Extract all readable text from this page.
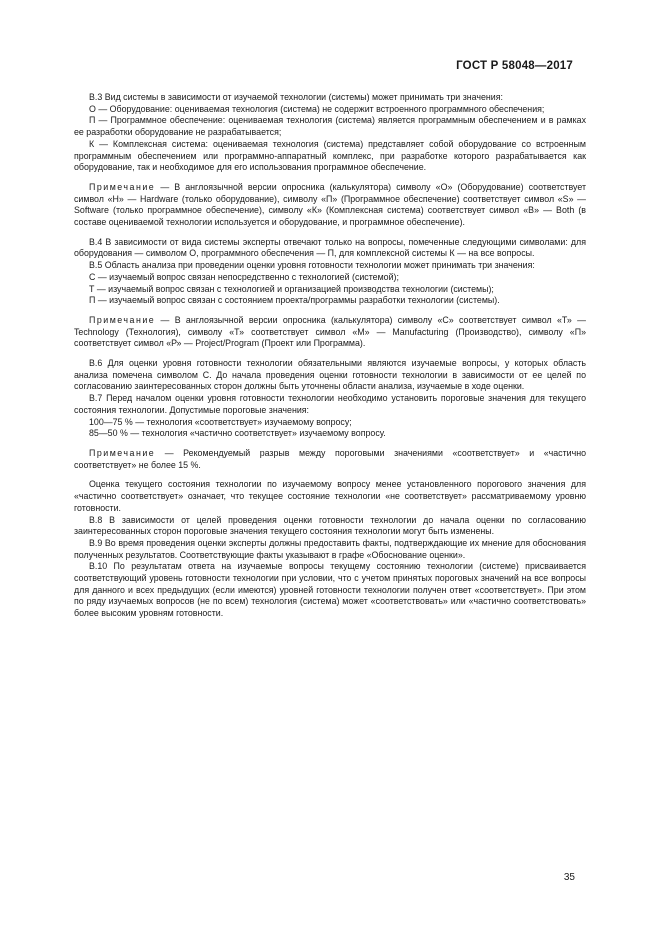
ГОСТ Р 58048—2017

В.3 Вид системы в зависимости от изучаемой технологии (системы) может принимать три значения:

О — Оборудование: оцениваемая технология (система) не содержит встроенного программного обеспечения;

П — Программное обеспечение: оцениваемая технология (система) является программным обеспечением и в рамках ее разработки оборудование не разрабатывается;

К — Комплексная система: оцениваемая технология (система) представляет собой оборудование со встроенным программным обеспечением или программно-аппаратный комплекс, при разработке которого разрабатывается как оборудование, так и необходимое для его использования программное обеспечение.

Примечание — В англоязычной версии опросника (калькулятора) символу «О» (Оборудование) соответствует символ «H» — Hardware (только оборудование), символу «П» (Программное обеспечение) соответствует символ «S» — Software (только программное обеспечение), символу «К» (Комплексная система) соответствует символ «B» — Both (в составе оцениваемой технологии используется и оборудование, и программное обеспечение).

В.4 В зависимости от вида системы эксперты отвечают только на вопросы, помеченные следующими символами: для оборудования — символом О, программного обеспечения — П, для комплексной системы К — на все вопросы.

В.5 Область анализа при проведении оценки уровня готовности технологии может принимать три значения:

С — изучаемый вопрос связан непосредственно с технологией (системой);

Т — изучаемый вопрос связан с технологией и организацией производства технологии (системы);

П — изучаемый вопрос связан с состоянием проекта/программы разработки технологии (системы).

Примечание — В англоязычной версии опросника (калькулятора) символу «С» соответствует символ «Т» — Technology (Технология), символу «Т» соответствует символ «М» — Manufacturing (Производство), символу «П» соответствует символ «Р» — Project/Program (Проект или Программа).

В.6 Для оценки уровня готовности технологии обязательными являются изучаемые вопросы, у которых область анализа помечена символом С. До начала проведения оценки готовности технологии в зависимости от ее целей по согласованию заинтересованных сторон должны быть уточнены области анализа, изучаемые в ходе оценки.

В.7 Перед началом оценки уровня готовности технологии необходимо установить пороговые значения для текущего состояния технологии. Допустимые пороговые значения:

100—75 % — технология «соответствует» изучаемому вопросу;

85—50 % — технология «частично соответствует» изучаемому вопросу.

Примечание — Рекомендуемый разрыв между пороговыми значениями «соответствует» и «частично соответствует» не более 15 %.

Оценка текущего состояния технологии по изучаемому вопросу менее установленного порогового значения для «частично соответствует» означает, что текущее состояние технологии «не соответствует» рассматриваемому уровню готовности.

В.8 В зависимости от целей проведения оценки готовности технологии до начала оценки по согласованию заинтересованных сторон пороговые значения текущего состояния технологии могут быть изменены.

В.9 Во время проведения оценки эксперты должны предоставить факты, подтверждающие их мнение для обоснования полученных результатов. Соответствующие факты указывают в графе «Обоснование оценки».

В.10 По результатам ответа на изучаемые вопросы текущему состоянию технологии (системе) присваивается соответствующий уровень готовности технологии при условии, что с учетом принятых пороговых значений на все вопросы для данного и всех предыдущих (если имеются) уровней готовности технологии получен ответ «соответствует». При этом по ряду изучаемых вопросов (не по всем) технология (система) может «соответствовать» или «частично соответствовать» более высоким уровням готовности.

35
